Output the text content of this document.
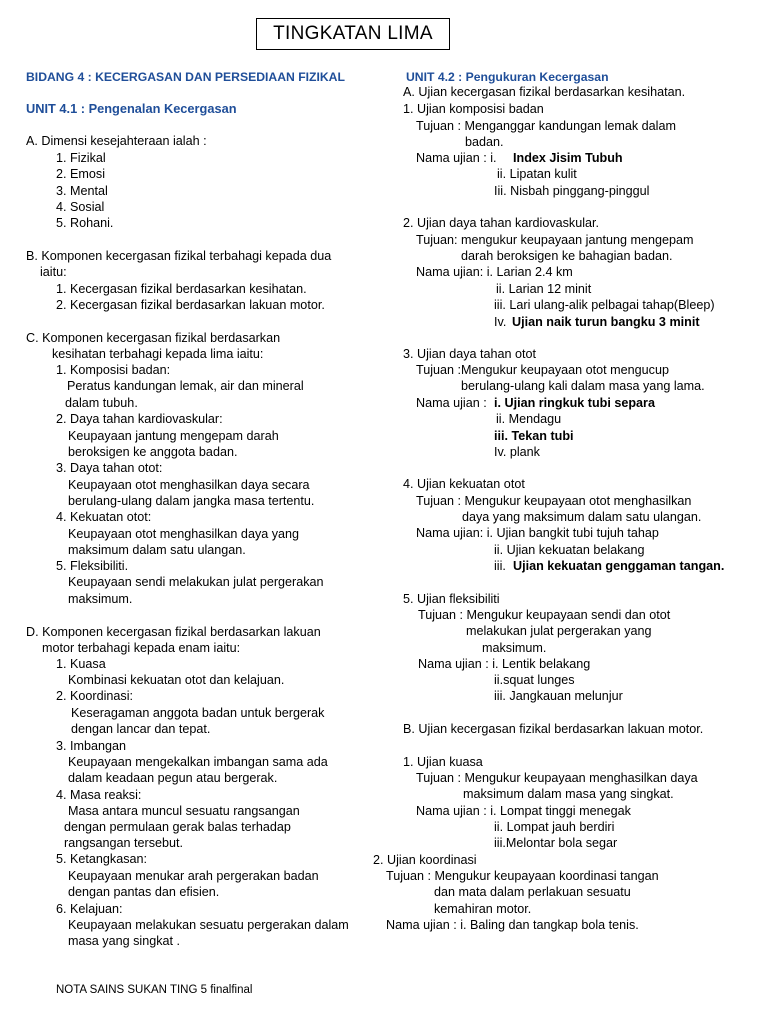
TINGKATAN LIMA
BIDANG 4 : KECERGASAN DAN PERSEDIAAN FIZIKAL
UNIT 4.1 : Pengenalan Kecergasan
A. Dimensi kesejahteraan ialah :
1. Fizikal
2. Emosi
3. Mental
4. Sosial
5. Rohani.
B. Komponen kecergasan fizikal terbahagi kepada dua
iaitu:
1. Kecergasan fizikal berdasarkan kesihatan.
2. Kecergasan fizikal berdasarkan lakuan motor.
C. Komponen kecergasan fizikal berdasarkan
kesihatan terbahagi kepada lima iaitu:
1. Komposisi badan:
Peratus kandungan lemak, air dan mineral
dalam tubuh.
2. Daya tahan kardiovaskular:
Keupayaan jantung mengepam darah
beroksigen ke anggota badan.
3. Daya tahan otot:
Keupayaan otot menghasilkan daya secara
berulang-ulang dalam jangka masa tertentu.
4. Kekuatan otot:
Keupayaan otot menghasilkan daya yang
maksimum dalam satu ulangan.
5. Fleksibiliti.
Keupayaan sendi melakukan julat pergerakan
maksimum.
D. Komponen kecergasan fizikal berdasarkan lakuan
motor terbahagi kepada enam iaitu:
1. Kuasa
Kombinasi kekuatan otot dan kelajuan.
2. Koordinasi:
Keseragaman anggota badan untuk bergerak
dengan lancar dan tepat.
3. Imbangan
Keupayaan mengekalkan imbangan sama ada
dalam keadaan pegun atau bergerak.
4. Masa reaksi:
Masa antara muncul sesuatu rangsangan
dengan permulaan gerak balas terhadap
rangsangan tersebut.
5. Ketangkasan:
Keupayaan menukar arah pergerakan badan
dengan pantas dan efisien.
6. Kelajuan:
Keupayaan melakukan sesuatu pergerakan dalam
masa yang singkat .
UNIT 4.2 : Pengukuran Kecergasan
A. Ujian kecergasan fizikal berdasarkan kesihatan.
1. Ujian komposisi badan
Tujuan : Menganggar kandungan lemak dalam
badan.
Nama ujian : i. Index Jisim Tubuh
ii. Lipatan kulit
Iii. Nisbah pinggang-pinggul
2. Ujian daya tahan kardiovaskular.
Tujuan: mengukur keupayaan jantung mengepam
darah beroksigen ke bahagian badan.
Nama ujian: i. Larian 2.4 km
ii. Larian 12 minit
iii. Lari ulang-alik pelbagai tahap(Bleep)
Iv. Ujian naik turun bangku 3 minit
3. Ujian daya tahan otot
Tujuan :Mengukur keupayaan otot mengucup
berulang-ulang kali dalam masa yang lama.
Nama ujian : i. Ujian ringkuk tubi separa
ii. Mendagu
iii. Tekan tubi
Iv. plank
4. Ujian kekuatan otot
Tujuan : Mengukur keupayaan otot menghasilkan
daya yang maksimum dalam satu ulangan.
Nama ujian: i. Ujian bangkit tubi tujuh tahap
ii. Ujian kekuatan belakang
iii. Ujian kekuatan genggaman tangan.
5. Ujian fleksibiliti
Tujuan : Mengukur keupayaan sendi dan otot
melakukan julat pergerakan yang
maksimum.
Nama ujian : i. Lentik belakang
ii.squat lunges
iii. Jangkauan melunjur
B. Ujian kecergasan fizikal berdasarkan lakuan motor.
1. Ujian kuasa
Tujuan : Mengukur keupayaan menghasilkan daya
maksimum dalam masa yang singkat.
Nama ujian : i. Lompat tinggi menegak
ii. Lompat jauh berdiri
iii.Melontar bola segar
2. Ujian koordinasi
Tujuan : Mengukur keupayaan koordinasi tangan
dan mata dalam perlakuan sesuatu
kemahiran motor.
Nama ujian : i. Baling dan tangkap bola tenis.
NOTA SAINS SUKAN TING 5 finalfinal
